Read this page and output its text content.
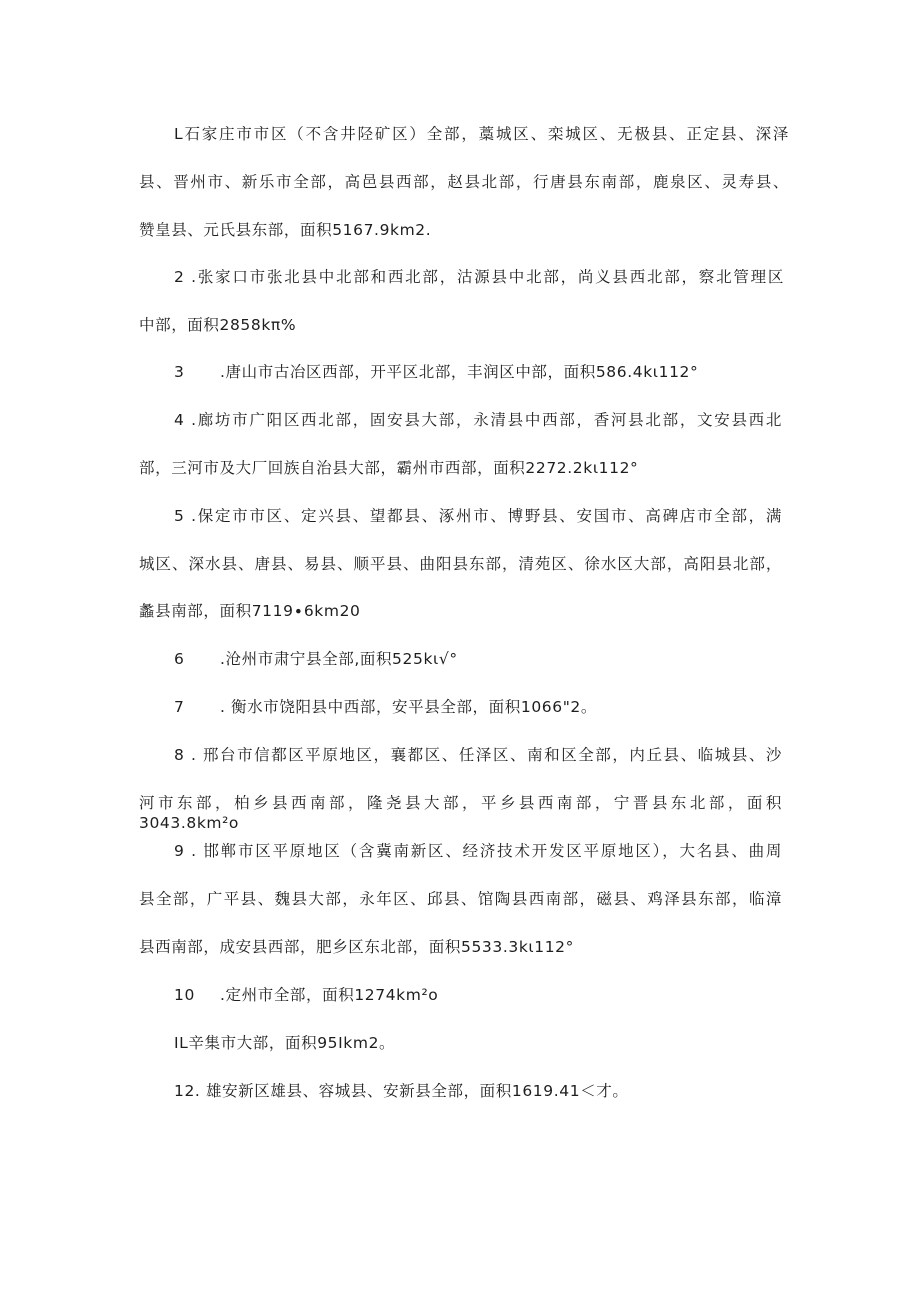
L石家庄市市区（不含井陉矿区）全部，藁城区、栾城区、无极县、正定县、深泽
县、晋州市、新乐市全部，高邑县西部，赵县北部，行唐县东南部，鹿泉区、灵寿县、
赞皇县、元氏县东部，面积5167.9km2.
2 .张家口市张北县中北部和西北部，沽源县中北部，尚义县西北部，察北管理区
中部，面积2858kπ%
3 .唐山市古冶区西部，开平区北部，丰润区中部，面积586.4kι112°
4 .廊坊市广阳区西北部，固安县大部，永清县中西部，香河县北部，文安县西北
部，三河市及大厂回族自治县大部，霸州市西部，面积2272.2kι112°
5 .保定市市区、定兴县、望都县、涿州市、博野县、安国市、高碑店市全部，满
城区、深水县、唐县、易县、顺平县、曲阳县东部，清苑区、徐水区大部，高阳县北部，
蠡县南部，面积7119∙6km20
6 .沧州市肃宁县全部,面积525kι√°
7 . 衡水市饶阳县中西部，安平县全部，面积1066"2。
8 . 邢台市信都区平原地区，襄都区、任泽区、南和区全部，内丘县、临城县、沙
河市东部，柏乡县西南部，隆尧县大部，平乡县西南部，宁晋县东北部，面积3043.8km²o
9 . 邯郸市区平原地区（含冀南新区、经济技术开发区平原地区），大名县、曲周
县全部，广平县、魏县大部，永年区、邱县、馆陶县西南部，磁县、鸡泽县东部，临漳
县西南部，成安县西部，肥乡区东北部，面积5533.3kι112°
10 .定州市全部，面积1274km²o
IL辛集市大部，面积95Ikm2。
12. 雄安新区雄县、容城县、安新县全部，面积1619.41＜才。
